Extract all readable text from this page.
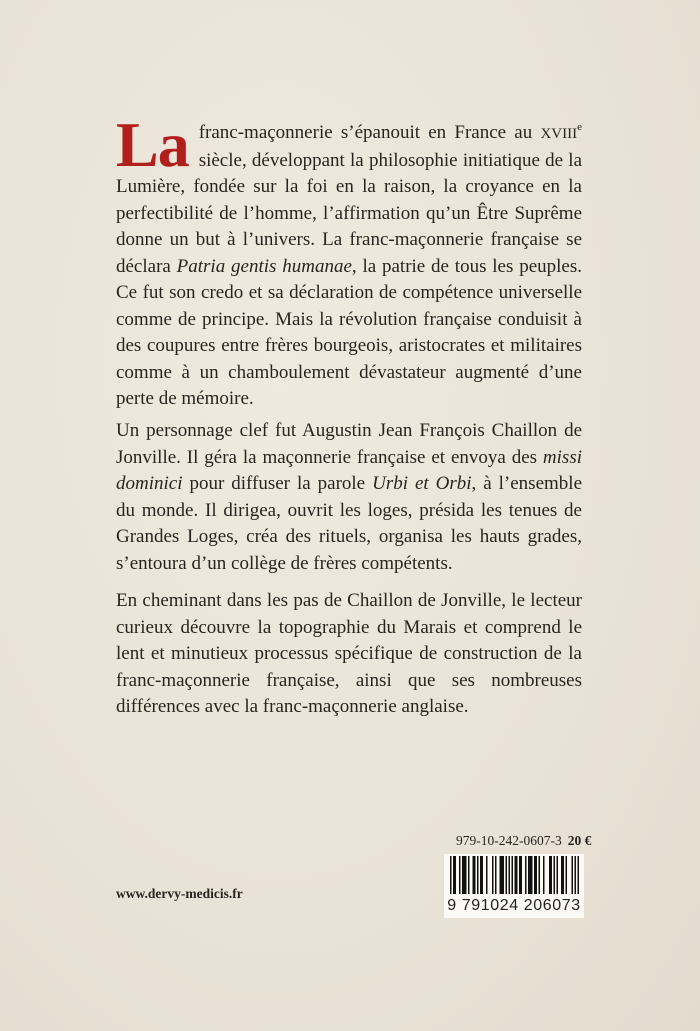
La franc-maçonnerie s’épanouit en France au XVIIIe siècle, développant la philosophie initiatique de la Lumière, fondée sur la foi en la raison, la croyance en la perfectibilité de l’homme, l’affirmation qu’un Être Suprême donne un but à l’univers. La franc-maçonnerie française se déclara Patria gentis humanae, la patrie de tous les peuples. Ce fut son credo et sa déclaration de compétence universelle comme de principe. Mais la révolution française conduisit à des coupures entre frères bourgeois, aristocrates et militaires comme à un chamboulement dévastateur augmenté d’une perte de mémoire.
Un personnage clef fut Augustin Jean François Chaillon de Jonville. Il géra la maçonnerie française et envoya des missi dominici pour diffuser la parole Urbi et Orbi, à l’ensemble du monde. Il dirigea, ouvrit les loges, présida les tenues de Grandes Loges, créa des rituels, organisa les hauts grades, s’entoura d’un collège de frères compétents.
En cheminant dans les pas de Chaillon de Jonville, le lecteur curieux découvre la topographie du Marais et comprend le lent et minutieux processus spécifique de construction de la franc-maçonnerie française, ainsi que ses nombreuses différences avec la franc-maçonnerie anglaise.
979-10-242-0607-3 20 €
9 791024 206073
www.dervy-medicis.fr
